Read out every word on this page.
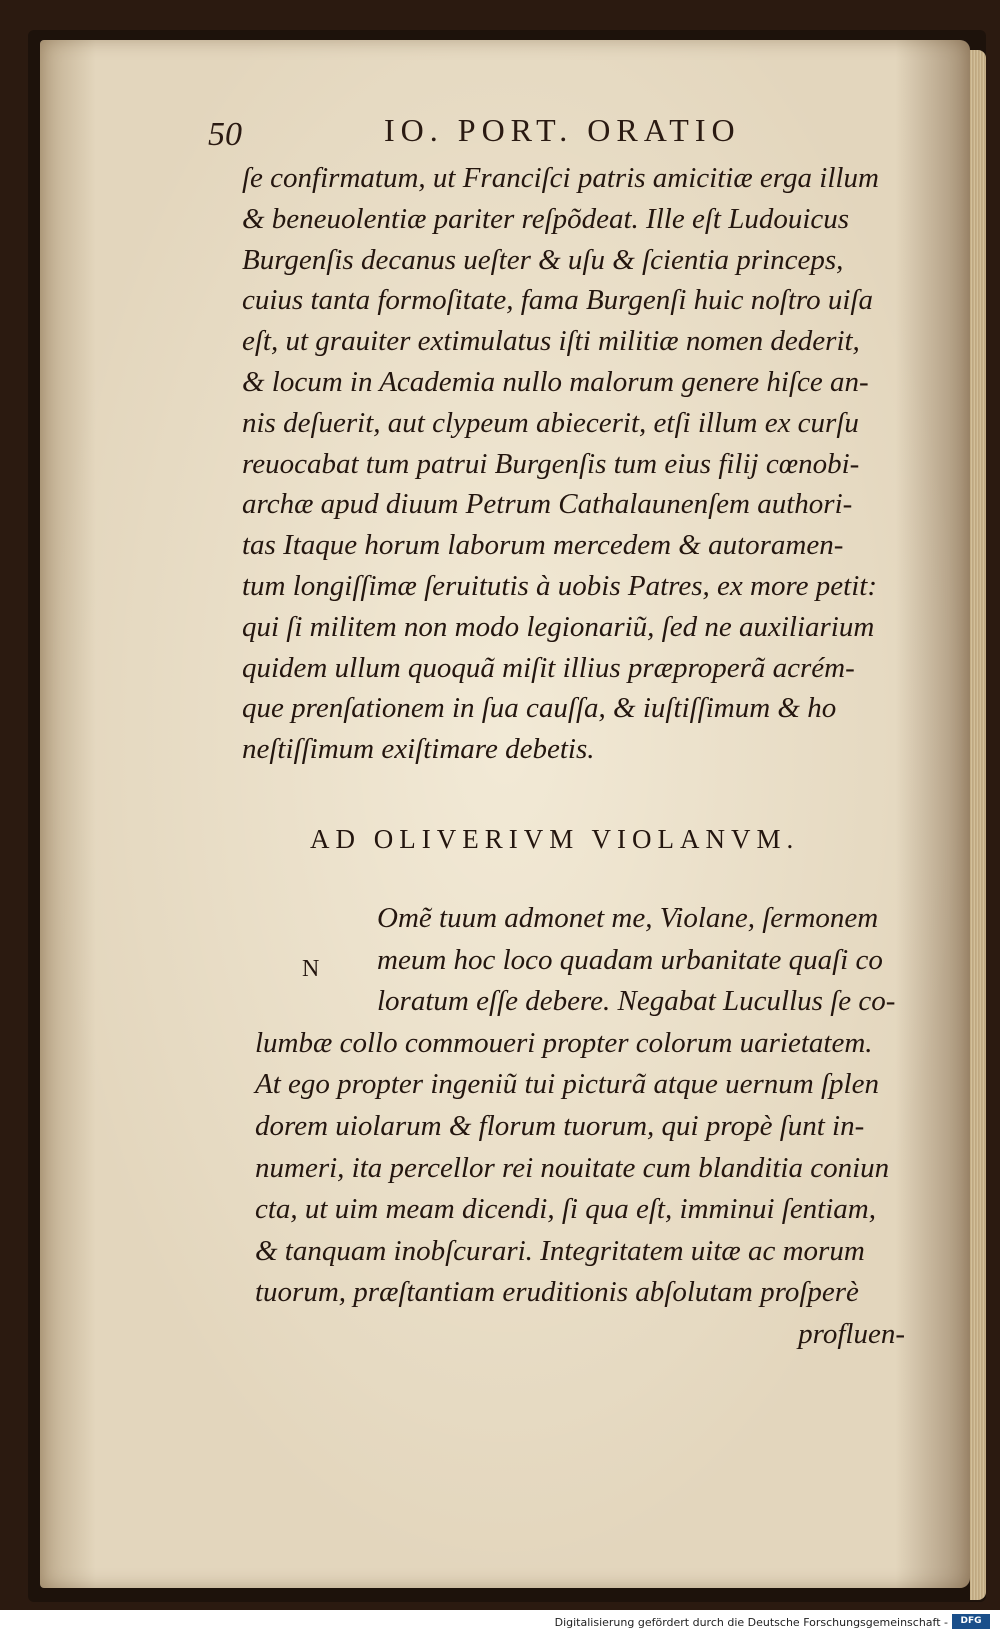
50	IO. PORT. ORATIO
ſe confirmatum, ut Franciſci patris amicitiæ erga illum
& beneuolentiæ pariter reſpõdeat. Ille eſt Ludouicus
Burgenſis decanus ueſter & uſu & ſcientia princeps,
cuius tanta formoſitate, fama Burgenſi huic noſtro uiſa
eſt, ut grauiter extimulatus iſti militiæ nomen dederit,
& locum in Academia nullo malorum genere hiſce an-
nis deſuerit, aut clypeum abiecerit, etſi illum ex curſu
reuocabat tum patrui Burgenſis tum eius filij cœnobi-
archæ apud diuum Petrum Cathalaunenſem authori-
tas Itaque horum laborum mercedem & autoramen-
tum longiſſimæ ſeruitutis à uobis Patres, ex more petit:
qui ſi militem non modo legionariũ, ſed ne auxiliarium
quidem ullum quoquã miſit illius præproperã acrém-
que prenſationem in ſua cauſſa, & iuſtiſſimum & ho
neſtiſſimum exiſtimare debetis.
AD OLIVERIVM VIOLANVM.
N
Omẽ tuum admonet me, Violane, ſermonem
meum hoc loco quadam urbanitate quaſi co
loratum eſſe debere. Negabat Lucullus ſe co-
lumbæ collo commoueri propter colorum uarietatem.
At ego propter ingeniũ tui picturã atque uernum ſplen
dorem uiolarum & florum tuorum, qui propè ſunt in-
numeri, ita percellor rei nouitate cum blanditia coniun
cta, ut uim meam dicendi, ſi qua eſt, imminui ſentiam,
& tanquam inobſcurari. Integritatem uitæ ac morum
tuorum, præſtantiam eruditionis abſolutam proſperè
profluen-
Digitalisierung gefördert durch die Deutsche Forschungsgemeinschaft -	DFG
